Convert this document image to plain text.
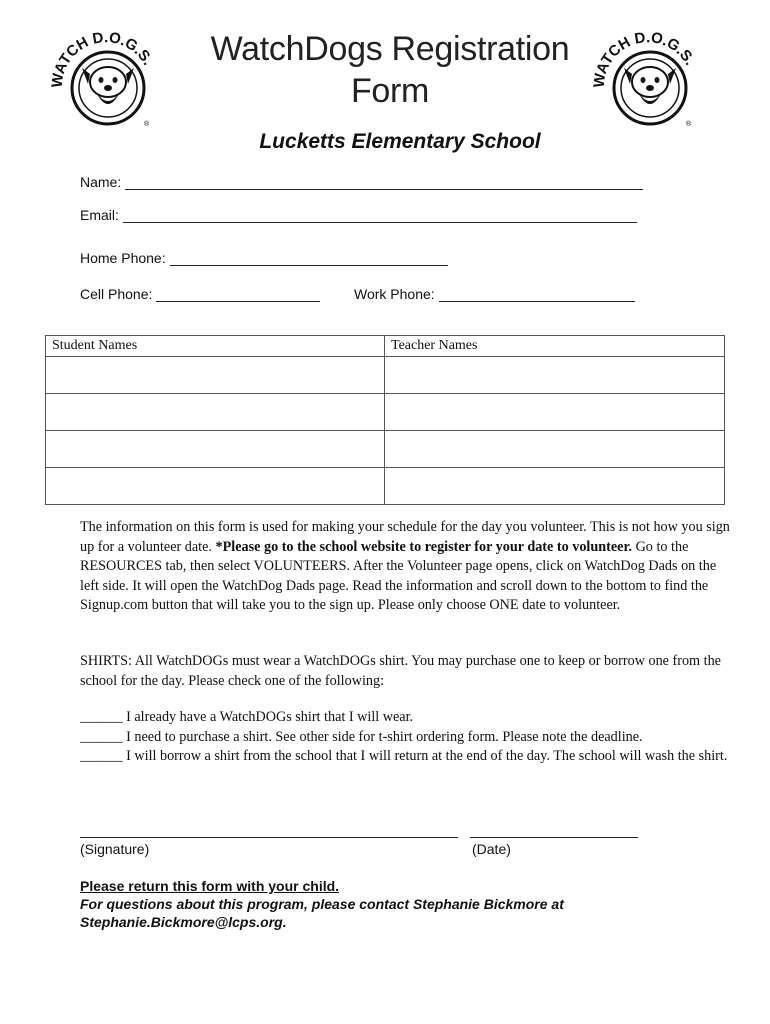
WATCH D.O.G.S.
®
WATCH D.O.G.S.
®
WatchDogs Registration
Form
Lucketts Elementary School
Name:
Email:
Home Phone:
Cell Phone:	Work Phone:
Student Names	Teacher Names

The information on this form is used for making your schedule for the day you volunteer. This is not how you sign up for a volunteer date. *Please go to the school website to register for your date to volunteer. Go to the RESOURCES tab, then select VOLUNTEERS. After the Volunteer page opens, click on WatchDog Dads on the left side. It will open the WatchDog Dads page. Read the information and scroll down to the bottom to find the Signup.com button that will take you to the sign up. Please only choose ONE date to volunteer.
SHIRTS: All WatchDOGs must wear a WatchDOGs shirt. You may purchase one to keep or borrow one from the school for the day. Please check one of the following:
______ I already have a WatchDOGs shirt that I will wear.
______ I need to purchase a shirt. See other side for t-shirt ordering form. Please note the deadline.
______ I will borrow a shirt from the school that I will return at the end of the day. The school will wash the shirt.
(Signature)	(Date)
Please return this form with your child.
For questions about this program, please contact Stephanie Bickmore at
Stephanie.Bickmore@lcps.org.
